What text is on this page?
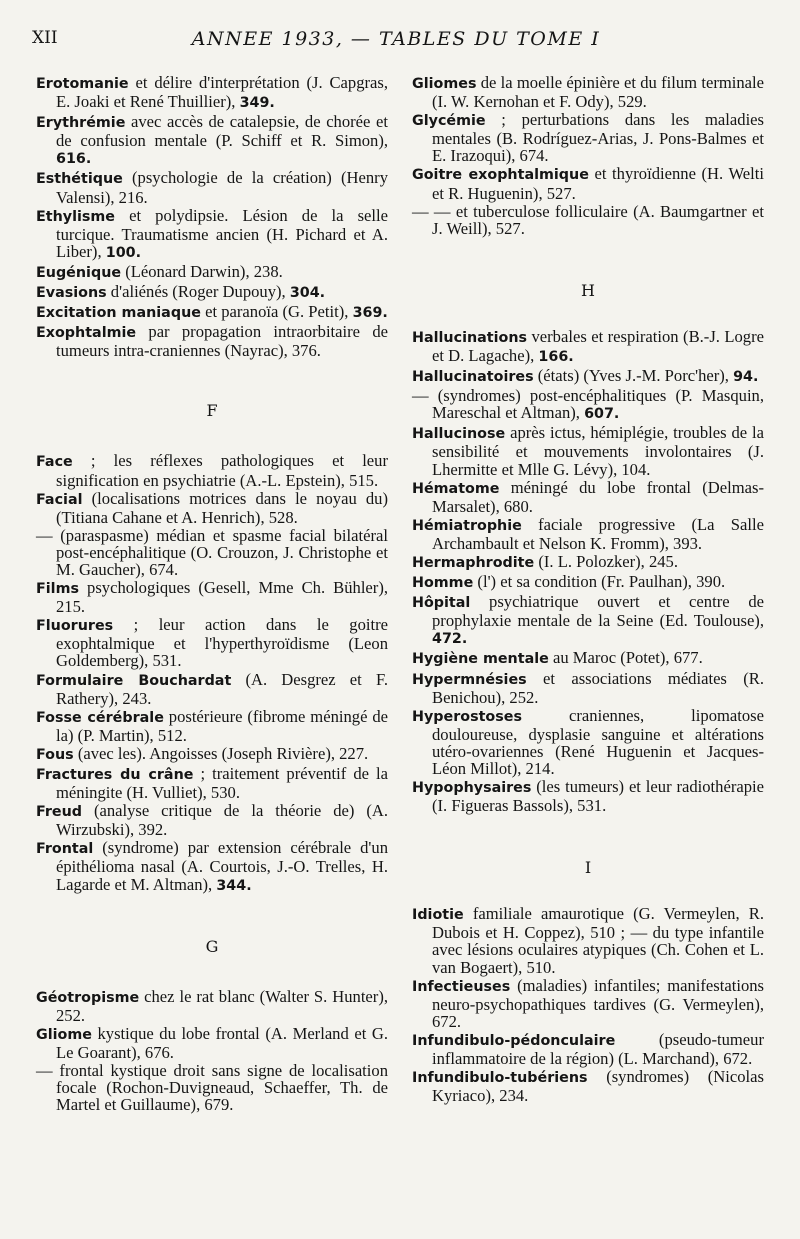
XII	ANNEE 1933, — TABLES DU TOME I

Erotomanie et délire d'interprétation (J. Capgras, E. Joaki et René Thuillier), 349.

Erythrémie avec accès de catalepsie, de chorée et de confusion mentale (P. Schiff et R. Simon), 616.

Esthétique (psychologie de la création) (Henry Valensi), 216.

Ethylisme et polydipsie. Lésion de la selle turcique. Traumatisme ancien (H. Pichard et A. Liber), 100.

Eugénique (Léonard Darwin), 238.

Evasions d'aliénés (Roger Dupouy), 304.

Excitation maniaque et paranoïa (G. Petit), 369.

Exophtalmie par propagation intraorbitaire de tumeurs intra-craniennes (Nayrac), 376.

F

Face ; les réflexes pathologiques et leur signification en psychiatrie (A.-L. Epstein), 515.

Facial (localisations motrices dans le noyau du) (Titiana Cahane et A. Henrich), 528.

— (paraspasme) médian et spasme facial bilatéral post-encéphalitique (O. Crouzon, J. Christophe et M. Gaucher), 674.

Films psychologiques (Gesell, Mme Ch. Bühler), 215.

Fluorures ; leur action dans le goitre exophtalmique et l'hyperthyroïdisme (Leon Goldemberg), 531.

Formulaire Bouchardat (A. Desgrez et F. Rathery), 243.

Fosse cérébrale postérieure (fibrome méningé de la) (P. Martin), 512.

Fous (avec les). Angoisses (Joseph Rivière), 227.

Fractures du crâne ; traitement préventif de la méningite (H. Vulliet), 530.

Freud (analyse critique de la théorie de) (A. Wirzubski), 392.

Frontal (syndrome) par extension cérébrale d'un épithélioma nasal (A. Courtois, J.-O. Trelles, H. Lagarde et M. Altman), 344.

G

Géotropisme chez le rat blanc (Walter S. Hunter), 252.

Gliome kystique du lobe frontal (A. Merland et G. Le Goarant), 676.

— frontal kystique droit sans signe de localisation focale (Rochon-Duvigneaud, Schaeffer, Th. de Martel et Guillaume), 679.

Gliomes de la moelle épinière et du filum terminale (I. W. Kernohan et F. Ody), 529.

Glycémie ; perturbations dans les maladies mentales (B. Rodríguez-Arias, J. Pons-Balmes et E. Irazoqui), 674.

Goitre exophtalmique et thyroïdienne (H. Welti et R. Huguenin), 527.

— — et tuberculose folliculaire (A. Baumgartner et J. Weill), 527.

H

Hallucinations verbales et respiration (B.-J. Logre et D. Lagache), 166.

Hallucinatoires (états) (Yves J.-M. Porc'her), 94.

— (syndromes) post-encéphalitiques (P. Masquin, Mareschal et Altman), 607.

Hallucinose après ictus, hémiplégie, troubles de la sensibilité et mouvements involontaires (J. Lhermitte et Mlle G. Lévy), 104.

Hématome méningé du lobe frontal (Delmas-Marsalet), 680.

Hémiatrophie faciale progressive (La Salle Archambault et Nelson K. Fromm), 393.

Hermaphrodite (I. L. Polozker), 245.

Homme (l') et sa condition (Fr. Paulhan), 390.

Hôpital psychiatrique ouvert et centre de prophylaxie mentale de la Seine (Ed. Toulouse), 472.

Hygiène mentale au Maroc (Potet), 677.

Hypermnésies et associations médiates (R. Benichou), 252.

Hyperostoses craniennes, lipomatose douloureuse, dysplasie sanguine et altérations utéro-ovariennes (René Huguenin et Jacques-Léon Millot), 214.

Hypophysaires (les tumeurs) et leur radiothérapie (I. Figueras Bassols), 531.

I

Idiotie familiale amaurotique (G. Vermeylen, R. Dubois et H. Coppez), 510 ; — du type infantile avec lésions oculaires atypiques (Ch. Cohen et L. van Bogaert), 510.

Infectieuses (maladies) infantiles; manifestations neuro-psychopathiques tardives (G. Vermeylen), 672.

Infundibulo-pédonculaire (pseudo-tumeur inflammatoire de la région) (L. Marchand), 672.

Infundibulo-tubériens (syndromes) (Nicolas Kyriaco), 234.
